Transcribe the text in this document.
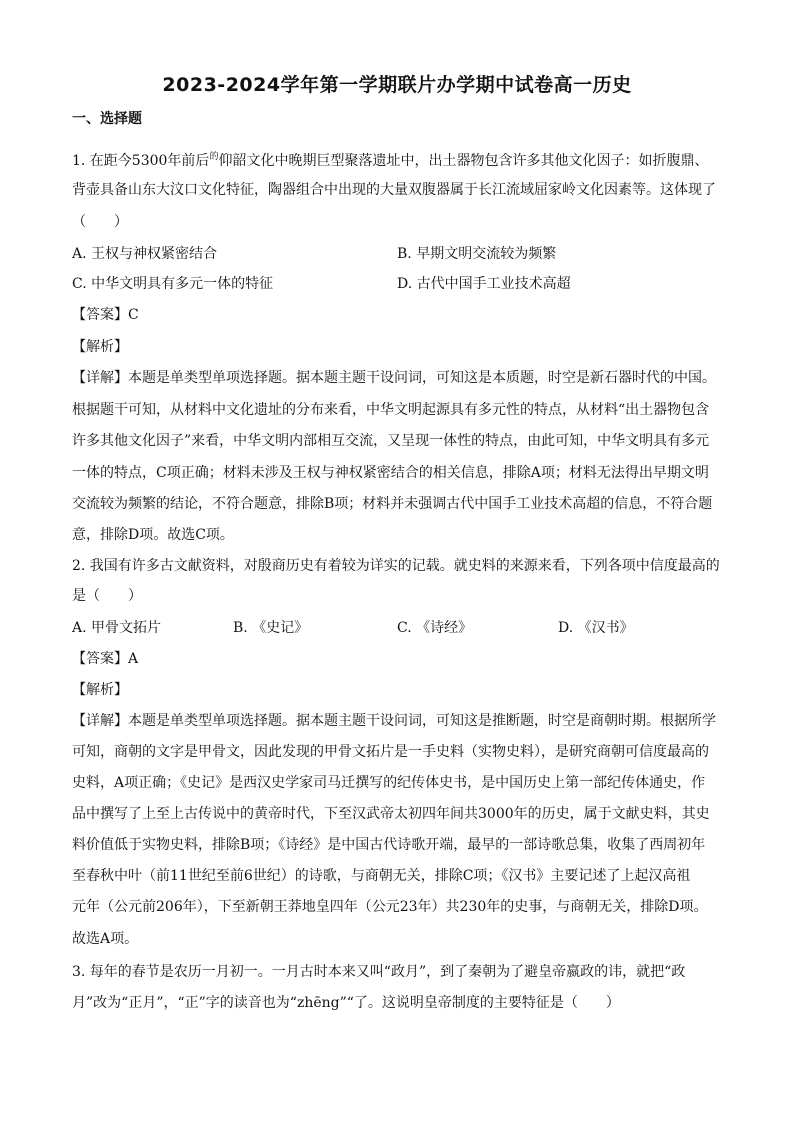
2023-2024学年第一学期联片办学期中试卷高一历史
一、选择题
1. 在距今5300年前后$^的$仰韶文化中晚期巨型聚落遗址中，出土器物包含许多其他文化因子：如折腹鼎、
背壶具备山东大汶口文化特征，陶器组合中出现的大量双腹器属于长江流域屈家岭文化因素等。这体现了
（　　）
A. 王权与神权紧密结合	B. 早期文明交流较为频繁
C. 中华文明具有多元一体的特征	D. 古代中国手工业技术高超
【答案】C
【解析】
【详解】本题是单类型单项选择题。据本题主题干设问词，可知这是本质题，时空是新石器时代的中国。
根据题干可知，从材料中文化遗址的分布来看，中华文明起源具有多元性的特点，从材料“出土器物包含
许多其他文化因子”来看，中华文明内部相互交流，又呈现一体性的特点，由此可知，中华文明具有多元
一体的特点，C项正确；材料未涉及王权与神权紧密结合的相关信息，排除A项；材料无法得出早期文明
交流较为频繁的结论，不符合题意，排除B项；材料并未强调古代中国手工业技术高超的信息，不符合题
意，排除D项。故选C项。
2. 我国有许多古文献资料，对殷商历史有着较为详实的记载。就史料的来源来看，下列各项中信度最高的
是（　　）
A. 甲骨文拓片	B. 《史记》	C. 《诗经》	D. 《汉书》
【答案】A
【解析】
【详解】本题是单类型单项选择题。据本题主题干设问词，可知这是推断题，时空是商朝时期。根据所学
可知，商朝的文字是甲骨文，因此发现的甲骨文拓片是一手史料（实物史料），是研究商朝可信度最高的
史料，A项正确；《史记》是西汉史学家司马迁撰写的纪传体史书，是中国历史上第一部纪传体通史，作
品中撰写了上至上古传说中的黄帝时代，下至汉武帝太初四年间共3000年的历史，属于文献史料，其史
料价值低于实物史料，排除B项；《诗经》是中国古代诗歌开端，最早的一部诗歌总集，收集了西周初年
至春秋中叶（前11世纪至前6世纪）的诗歌，与商朝无关，排除C项；《汉书》主要记述了上起汉高祖
元年（公元前206年），下至新朝王莽地皇四年（公元23年）共230年的史事，与商朝无关，排除D项。
故选A项。
3. 每年的春节是农历一月初一。一月古时本来又叫“政月”，到了秦朝为了避皇帝嬴政的讳，就把“政
月”改为“正月”，“正”字的读音也为“zhēng”“了。这说明皇帝制度的主要特征是（　　）
